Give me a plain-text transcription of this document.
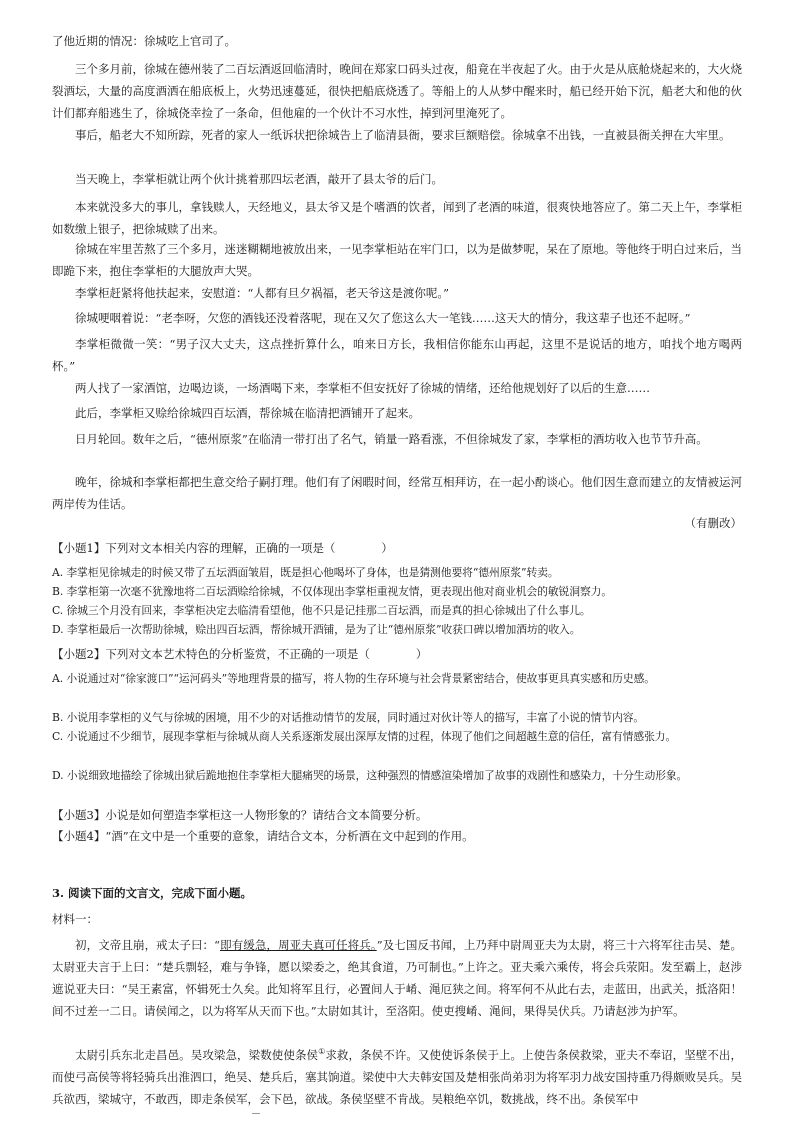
了他近期的情况：徐城吃上官司了。
三个多月前，徐城在德州装了二百坛酒返回临清时，晚间在郑家口码头过夜，船竟在半夜起了火。由于火是从底舱烧起来的，大火烧裂酒坛，大量的高度酒洒在船底板上，火势迅速蔓延，很快把船底烧透了。等船上的人从梦中醒来时，船已经开始下沉，船老大和他的伙计们都弃船逃生了，徐城侥幸捡了一条命，但他雇的一个伙计不习水性，掉到河里淹死了。
事后，船老大不知所踪，死者的家人一纸诉状把徐城告上了临清县衙，要求巨额赔偿。徐城拿不出钱，一直被县衙关押在大牢里。
当天晚上，李掌柜就让两个伙计挑着那四坛老酒，敲开了县太爷的后门。
本来就没多大的事儿，拿钱赎人，天经地义，县太爷又是个嗜酒的饮者，闻到了老酒的味道，很爽快地答应了。第二天上午，李掌柜如数缴上银子，把徐城赎了出来。
徐城在牢里苦熬了三个多月，迷迷糊糊地被放出来，一见李掌柜站在牢门口，以为是做梦呢，呆在了原地。等他终于明白过来后，当即跪下来，抱住李掌柜的大腿放声大哭。
李掌柜赶紧将他扶起来，安慰道：“人都有旦夕祸福，老天爷这是渡你呢。”
徐城哽咽着说：“老李呀，欠您的酒钱还没着落呢，现在又欠了您这么大一笔钱……这天大的情分，我这辈子也还不起呀。”
李掌柜微微一笑：“男子汉大丈夫，这点挫折算什么，咱来日方长，我相信你能东山再起，这里不是说话的地方，咱找个地方喝两杯。”
两人找了一家酒馆，边喝边谈，一场酒喝下来，李掌柜不但安抚好了徐城的情绪，还给他规划好了以后的生意……
此后，李掌柜又赊给徐城四百坛酒，帮徐城在临清把酒铺开了起来。
日月轮回。数年之后，“德州原浆”在临清一带打出了名气，销量一路看涨，不但徐城发了家，李掌柜的酒坊收入也节节升高。
晚年，徐城和李掌柜都把生意交给子嗣打理。他们有了闲暇时间，经常互相拜访，在一起小酌谈心。他们因生意而建立的友情被运河两岸传为佳话。
（有删改）
【小题1】下列对文本相关内容的理解，正确的一项是（　　　　）
A. 李掌柜见徐城走的时候又带了五坛酒面皱眉，既是担心他喝坏了身体，也是猜测他要将“德州原浆”转卖。
B. 李掌柜第一次毫不犹豫地将二百坛酒赊给徐城，不仅体现出李掌柜重视友情，更表现出他对商业机会的敏锐洞察力。
C. 徐城三个月没有回来，李掌柜决定去临清看望他，他不只是记挂那二百坛酒，而是真的担心徐城出了什么事儿。
D. 李掌柜最后一次帮助徐城，赊出四百坛酒，帮徐城开酒铺，是为了让“德州原浆”收获口碑以增加酒坊的收入。
【小题2】下列对文本艺术特色的分析鉴赏，不正确的一项是（　　　　）
A. 小说通过对“徐家渡口”“运河码头”等地理背景的描写，将人物的生存环境与社会背景紧密结合，使故事更具真实感和历史感。
B. 小说用李掌柜的义气与徐城的困境，用不少的对话推动情节的发展，同时通过对伙计等人的描写，丰富了小说的情节内容。
C. 小说通过不少细节，展现李掌柜与徐城从商人关系逐渐发展出深厚友情的过程，体现了他们之间超越生意的信任，富有情感张力。
D. 小说细致地描绘了徐城出狱后跪地抱住李掌柜大腿痛哭的场景，这种强烈的情感渲染增加了故事的戏剧性和感染力，十分生动形象。
【小题3】小说是如何塑造李掌柜这一人物形象的？请结合文本简要分析。
【小题4】“酒”在文中是一个重要的意象，请结合文本，分析酒在文中起到的作用。
3. 阅读下面的文言文，完成下面小题。
材料一：
初，文帝且崩，戒太子曰：“即有缓急，周亚夫真可任将兵。”及七国反书闻，上乃拜中尉周亚夫为太尉，将三十六将军往击吴、楚。太尉亚夫言于上曰：“楚兵剽轻，难与争锋，愿以梁委之，绝其食道，乃可制也。”上许之。亚夫乘六乘传，将会兵荥阳。发至霸上，赵涉遮说亚夫曰：“吴王素富，怀辑死士久矣。此知将军且行，必置间人于崤、渑厄狭之间。将军何不从此右去，走蓝田，出武关，抵洛阳！间不过差一二日。请侯闻之，以为将军从天而下也。”太尉如其计，至洛阳。使吏搜崤、渑间，果得吴伏兵。乃请赵涉为护军。
太尉引兵东北走昌邑。吴攻梁急，梁数使使条侯①求救，条侯不许。又使使诉条侯于上。上使告条侯救梁，亚夫不奉诏，坚壁不出，而使弓高侯等将轻骑兵出淮泗口，绝吴、楚兵后，塞其饷道。梁使中大夫韩安国及楚相张尚弟羽为将军羽力战安国持重乃得颇败吴兵。吴兵欲西，梁城守，不敢西，即走条侯军，会下邑，欲战。条侯坚壁不肯战。吴粮绝卒饥，数挑战，终不出。条侯军中
